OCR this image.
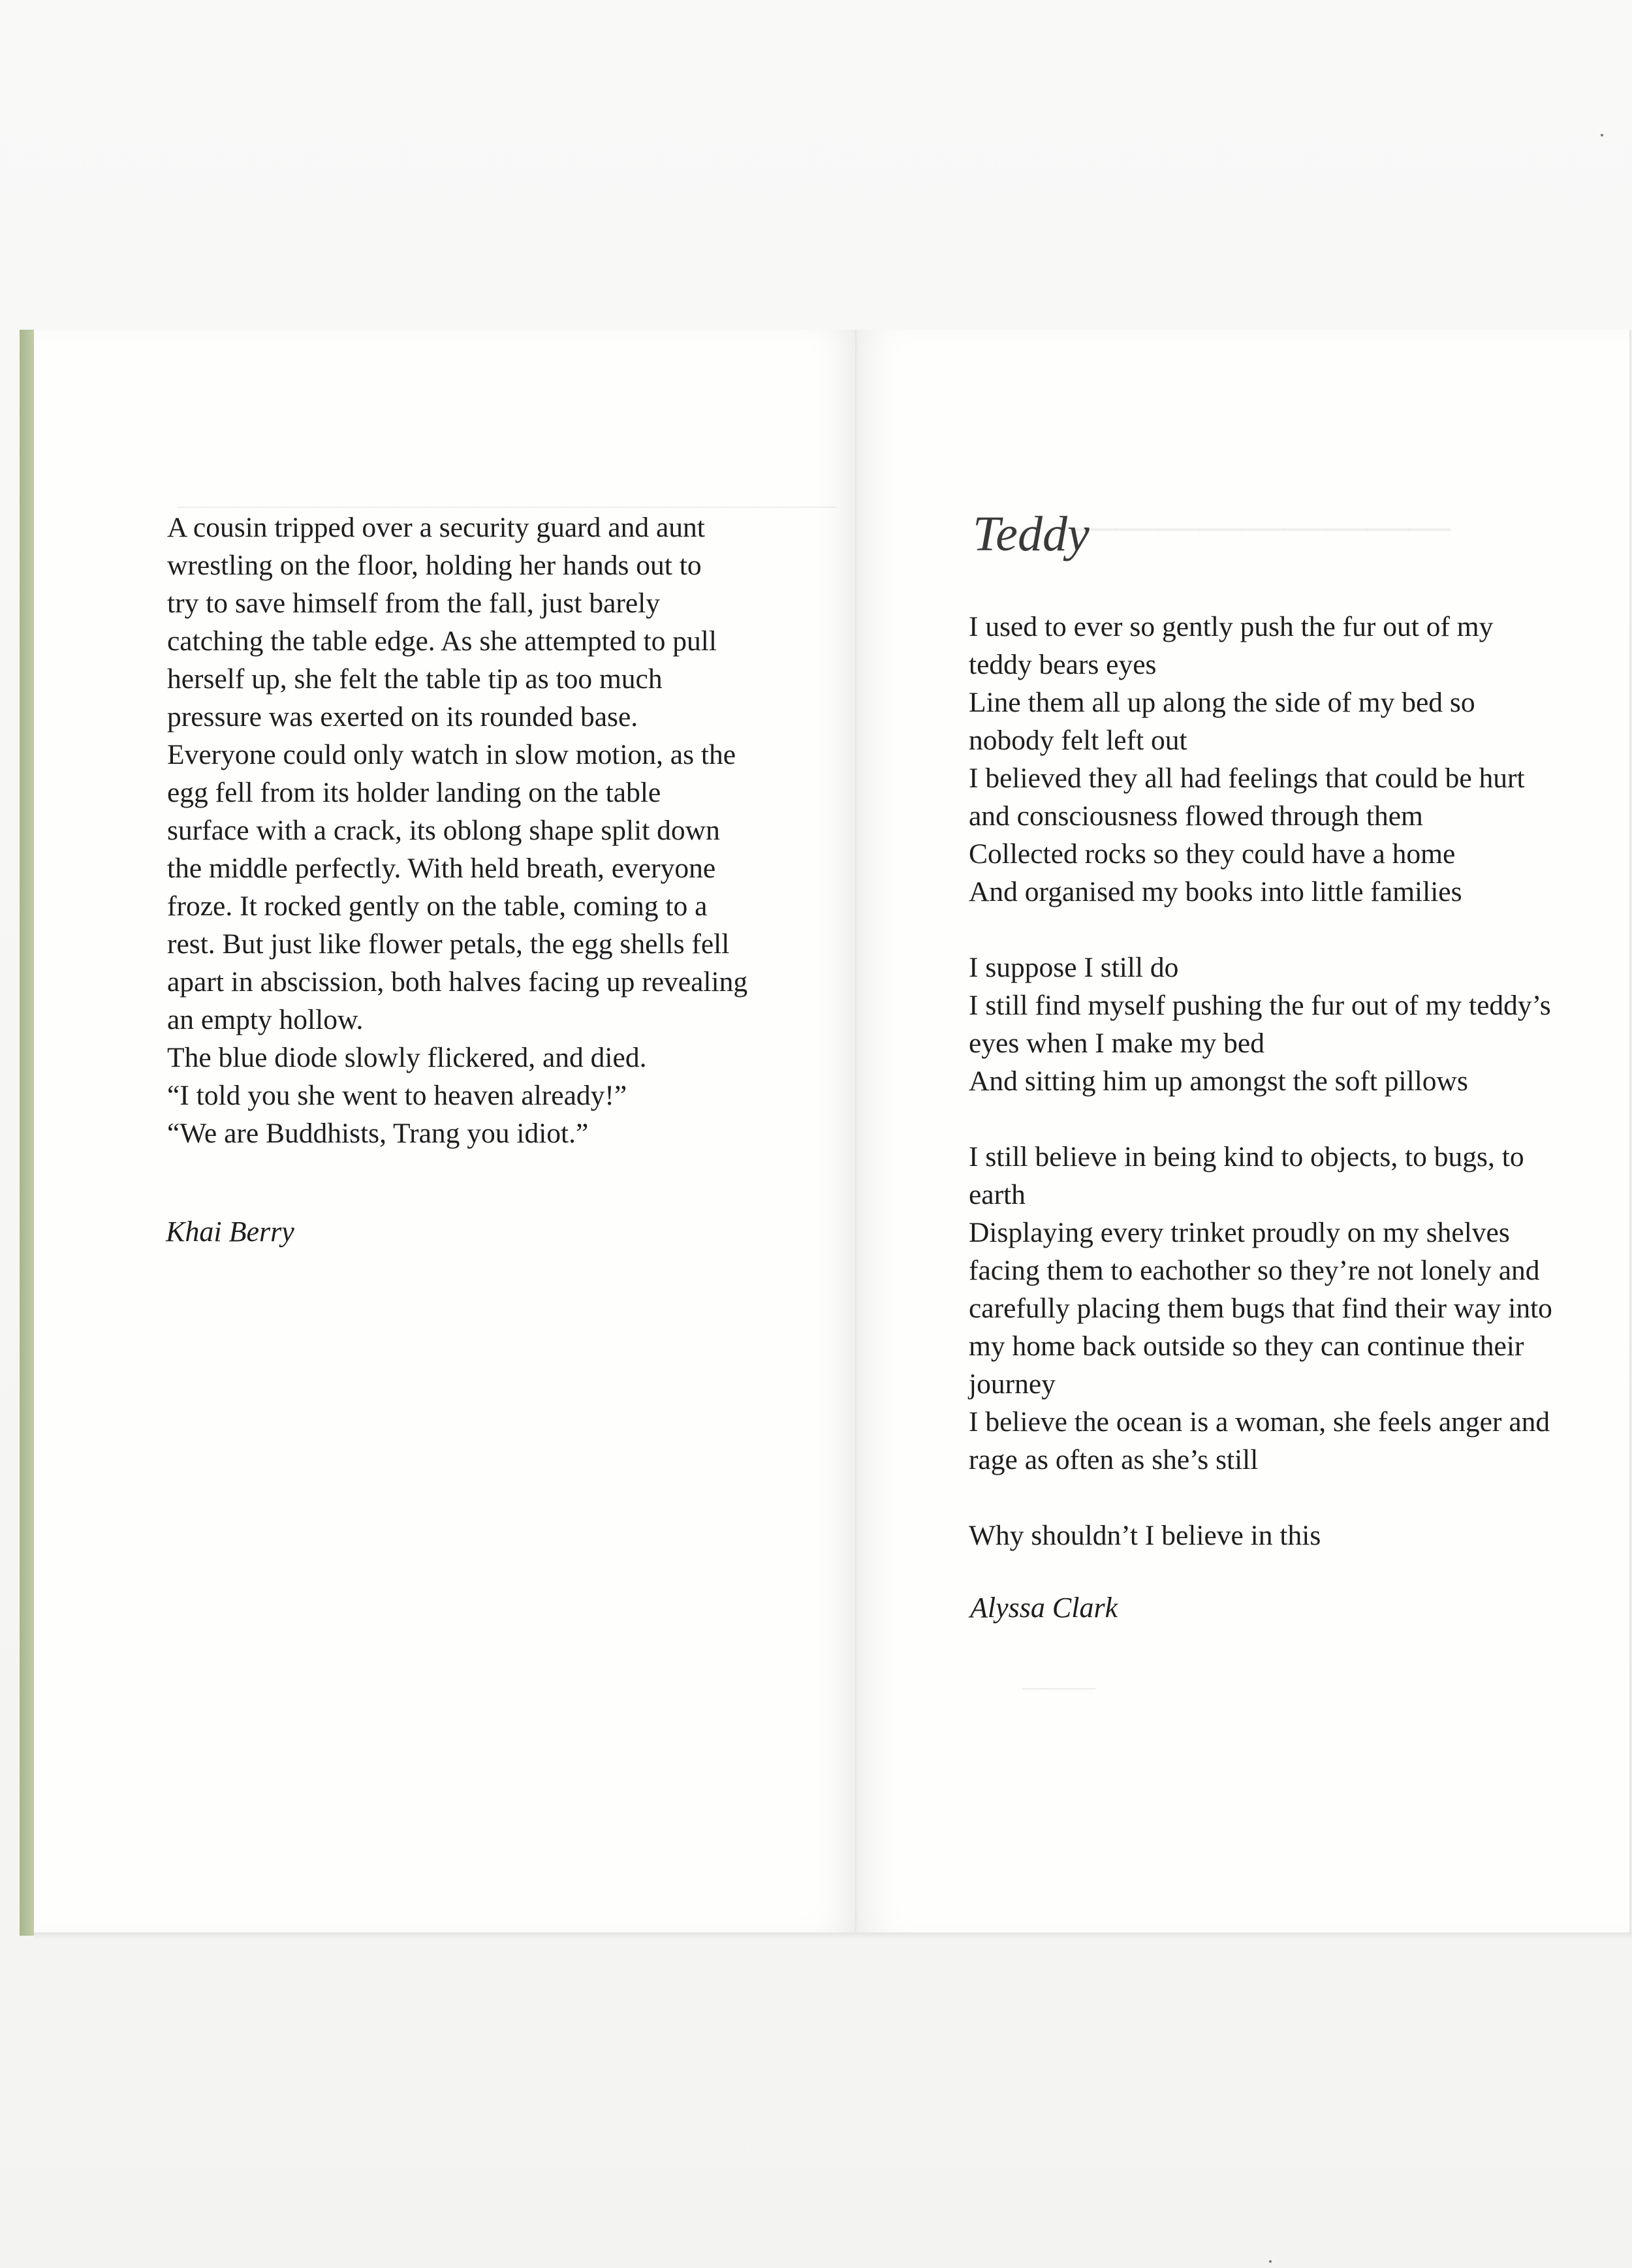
————————————————————————

A cousin tripped over a security guard and aunt

wrestling on the floor, holding her hands out to

try to save himself from the fall, just barely

catching the table edge. As she attempted to pull

herself up, she felt the table tip as too much

pressure was exerted on its rounded base.

Everyone could only watch in slow motion, as the

egg fell from its holder landing on the table

surface with a crack, its oblong shape split down

the middle perfectly. With held breath, everyone

froze. It rocked gently on the table, coming to a

rest. But just like flower petals, the egg shells fell

apart in abscission, both halves facing up revealing

an empty hollow.

The blue diode slowly flickered, and died.

“I told you she went to heaven already!”

“We are Buddhists, Trang you idiot.”

Khai Berry
—————————
Teddy

I used to ever so gently push the fur out of my

teddy bears eyes

Line them all up along the side of my bed so

nobody felt left out

I believed they all had feelings that could be hurt

and consciousness flowed through them

Collected rocks so they could have a home

And organised my books into little families

I suppose I still do

I still find myself pushing the fur out of my teddy’s

eyes when I make my bed

And sitting him up amongst the soft pillows

I still believe in being kind to objects, to bugs, to

earth

Displaying every trinket proudly on my shelves

facing them to eachother so they’re not lonely and

carefully placing them bugs that find their way into

my home back outside so they can continue their

journey

I believe the ocean is a woman, she feels anger and

rage as often as she’s still

Why shouldn’t I believe in this

Alyssa Clark
———
